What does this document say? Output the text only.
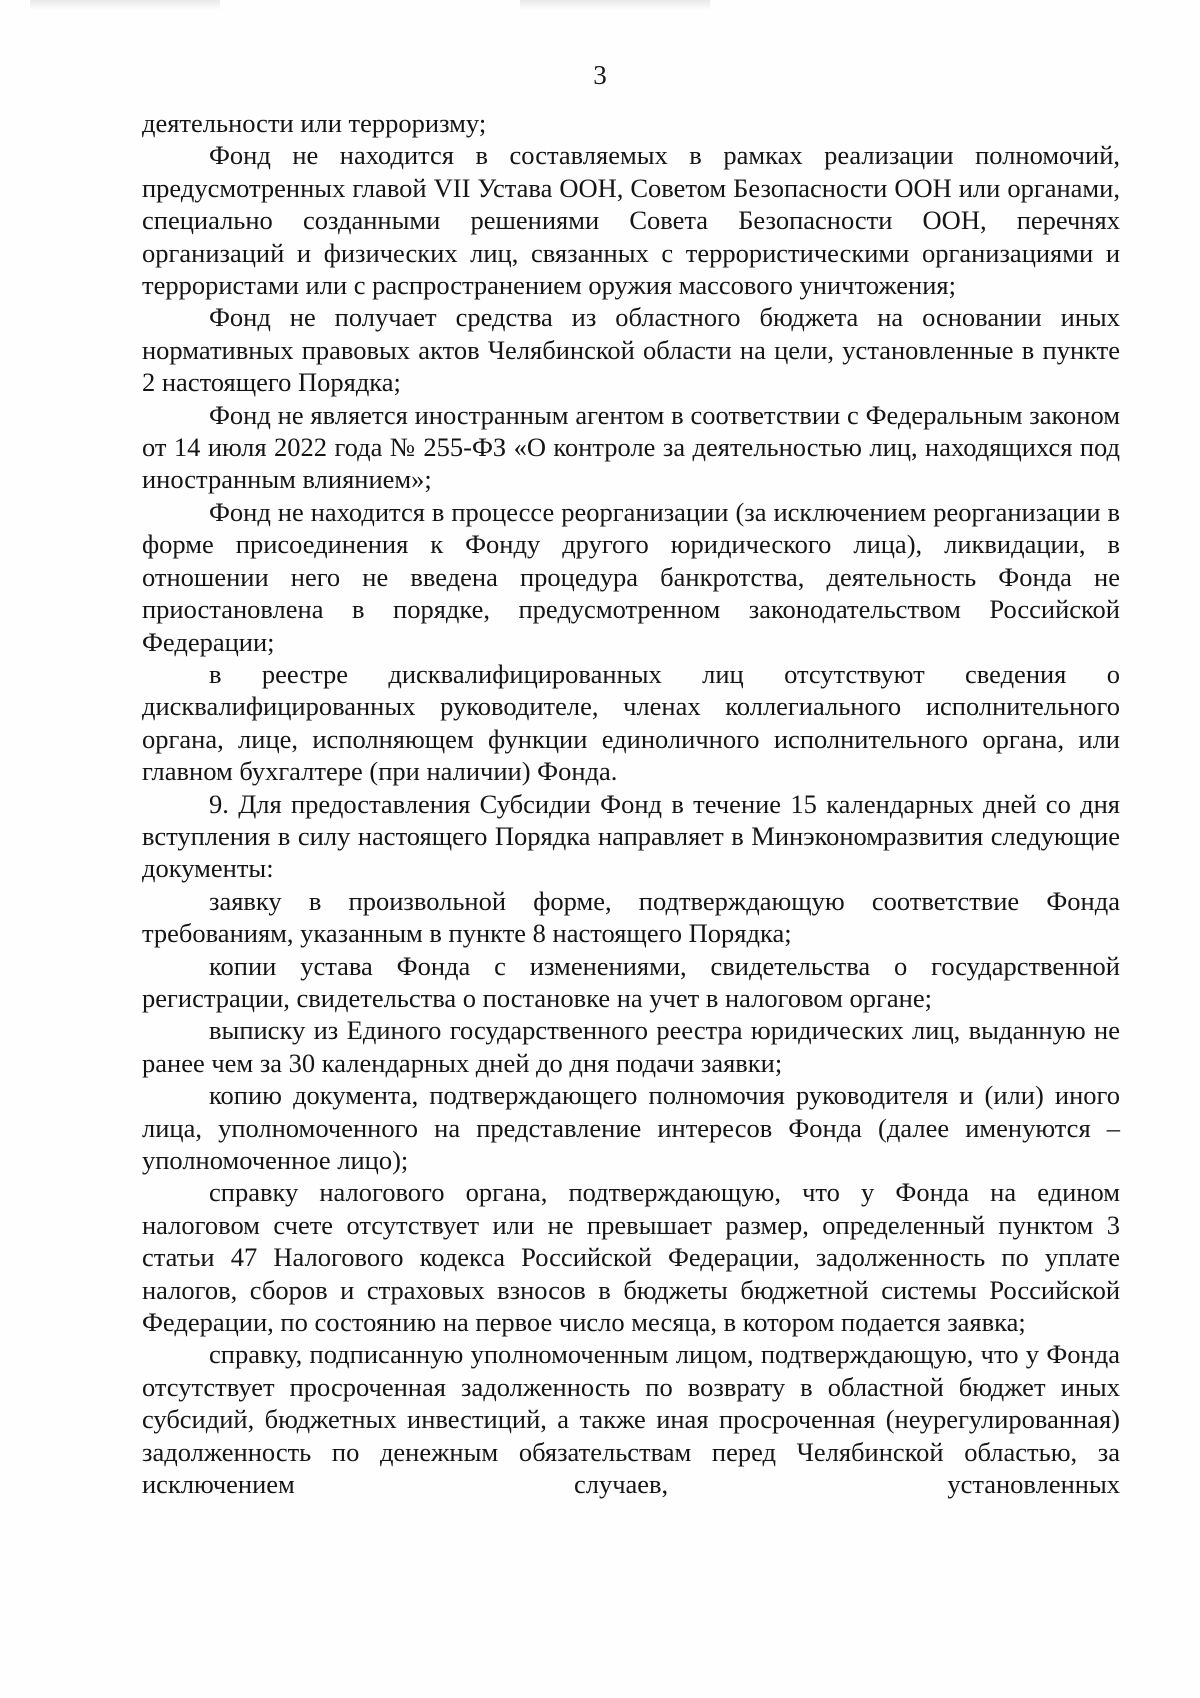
3

деятельности или терроризму;

Фонд не находится в составляемых в рамках реализации полномочий, предусмотренных главой VII Устава ООН, Советом Безопасности ООН или органами, специально созданными решениями Совета Безопасности ООН, перечнях организаций и физических лиц, связанных с террористическими организациями и террористами или с распространением оружия массового уничтожения;

Фонд не получает средства из областного бюджета на основании иных нормативных правовых актов Челябинской области на цели, установленные в пункте 2 настоящего Порядка;

Фонд не является иностранным агентом в соответствии с Федеральным законом от 14 июля 2022 года № 255-ФЗ «О контроле за деятельностью лиц, находящихся под иностранным влиянием»;

Фонд не находится в процессе реорганизации (за исключением реорганизации в форме присоединения к Фонду другого юридического лица), ликвидации, в отношении него не введена процедура банкротства, деятельность Фонда не приостановлена в порядке, предусмотренном законодательством Российской Федерации;

в реестре дисквалифицированных лиц отсутствуют сведения о дисквалифицированных руководителе, членах коллегиального исполнительного органа, лице, исполняющем функции единоличного исполнительного органа, или главном бухгалтере (при наличии) Фонда.

9. Для предоставления Субсидии Фонд в течение 15 календарных дней со дня вступления в силу настоящего Порядка направляет в Минэкономразвития следующие документы:

заявку в произвольной форме, подтверждающую соответствие Фонда требованиям, указанным в пункте 8 настоящего Порядка;

копии устава Фонда с изменениями, свидетельства о государственной регистрации, свидетельства о постановке на учет в налоговом органе;

выписку из Единого государственного реестра юридических лиц, выданную не ранее чем за 30 календарных дней до дня подачи заявки;

копию документа, подтверждающего полномочия руководителя и (или) иного лица, уполномоченного на представление интересов Фонда (далее именуются – уполномоченное лицо);

справку налогового органа, подтверждающую, что у Фонда на едином налоговом счете отсутствует или не превышает размер, определенный пунктом 3 статьи 47 Налогового кодекса Российской Федерации, задолженность по уплате налогов, сборов и страховых взносов в бюджеты бюджетной системы Российской Федерации, по состоянию на первое число месяца, в котором подается заявка;

справку, подписанную уполномоченным лицом, подтверждающую, что у Фонда отсутствует просроченная задолженность по возврату в областной бюджет иных субсидий, бюджетных инвестиций, а также иная просроченная (неурегулированная) задолженность по денежным обязательствам перед Челябинской областью, за исключением случаев, установленных
